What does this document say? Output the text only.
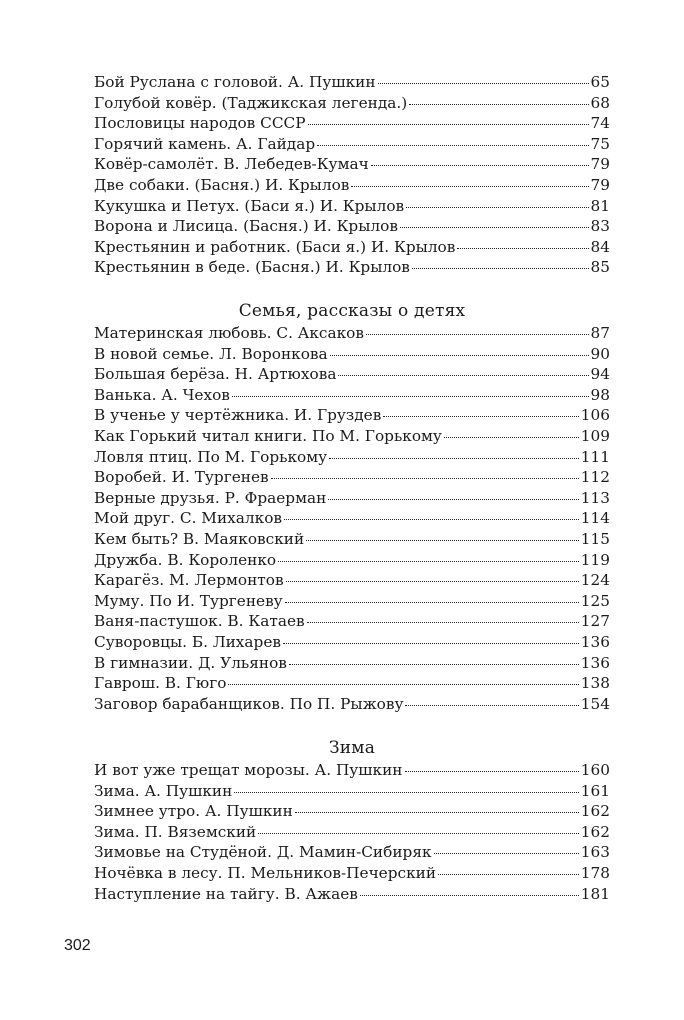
Бой Руслана с головой. А. Пушкин	65
Голубой ковёр. (Таджикская легенда.)	68
Пословицы народов СССР	74
Горячий камень. А. Гайдар	75
Ковёр-самолёт. В. Лебедев-Кумач	79
Две собаки. (Басня.) И. Крылов	79
Кукушка и Петух. (Баси я.) И. Крылов	81
Ворона и Лисица. (Басня.) И. Крылов	83
Крестьянин и работник. (Баси я.) И. Крылов	84
Крестьянин в беде. (Басня.) И. Крылов	85
Семья, рассказы о детях
Материнская любовь. С. Аксаков	87
В новой семье. Л. Воронкова	90
Большая берёза. Н. Артюхова	94
Ванька. А. Чехов	98
В ученье у чертёжника. И. Груздев	106
Как Горький читал книги. По М. Горькому	109
Ловля птиц. По М. Горькому	111
Воробей. И. Тургенев	112
Верные друзья. Р. Фраерман	113
Мой друг. С. Михалков	114
Кем быть? В. Маяковский	115
Дружба. В. Короленко	119
Карагёз. М. Лермонтов	124
Муму. По И. Тургеневу	125
Ваня-пастушок. В. Катаев	127
Суворовцы. Б. Лихарев	136
В гимназии. Д. Ульянов	136
Гаврош. В. Гюго	138
Заговор барабанщиков. По П. Рыжову	154
Зима
И вот уже трещат морозы. А. Пушкин	160
Зима. А. Пушкин	161
Зимнее утро. А. Пушкин	162
Зима. П. Вяземский	162
Зимовье на Студёной. Д. Мамин-Сибиряк	163
Ночёвка в лесу. П. Мельников-Печерский	178
Наступление на тайгу. В. Ажаев	181
302
